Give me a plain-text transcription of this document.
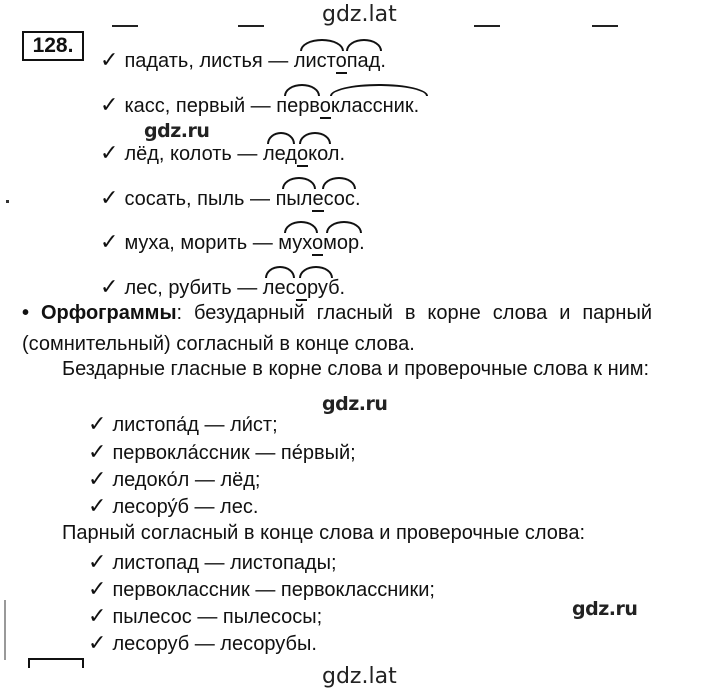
gdz.lat
128.
✓ падать, листья — листопад
.
✓ касс, первый — первоклассник
.
gdz.ru
✓ лёд, колоть — ледокол
.
✓ сосать, пыль — пылесос
.
✓ муха, морить — мухомор
.
✓ лес, рубить — лесоруб
.
• Орфограммы: безударный гласный в корне слова и парный (сомнительный) согласный в конце слова.
Бездарные гласные в корне слова и проверочные слова к ним:
gdz.ru
✓ листопа́д — ли́ст;
✓ первокла́ссник — пе́рвый;
✓ ледоко́л — лёд;
✓ лесору́б — лес.
Парный согласный в конце слова и проверочные слова:
✓ листопад — листопады;
✓ первоклассник — первоклассники;
gdz.ru
✓ пылесос — пылесосы;
✓ лесоруб — лесорубы.
gdz.lat
